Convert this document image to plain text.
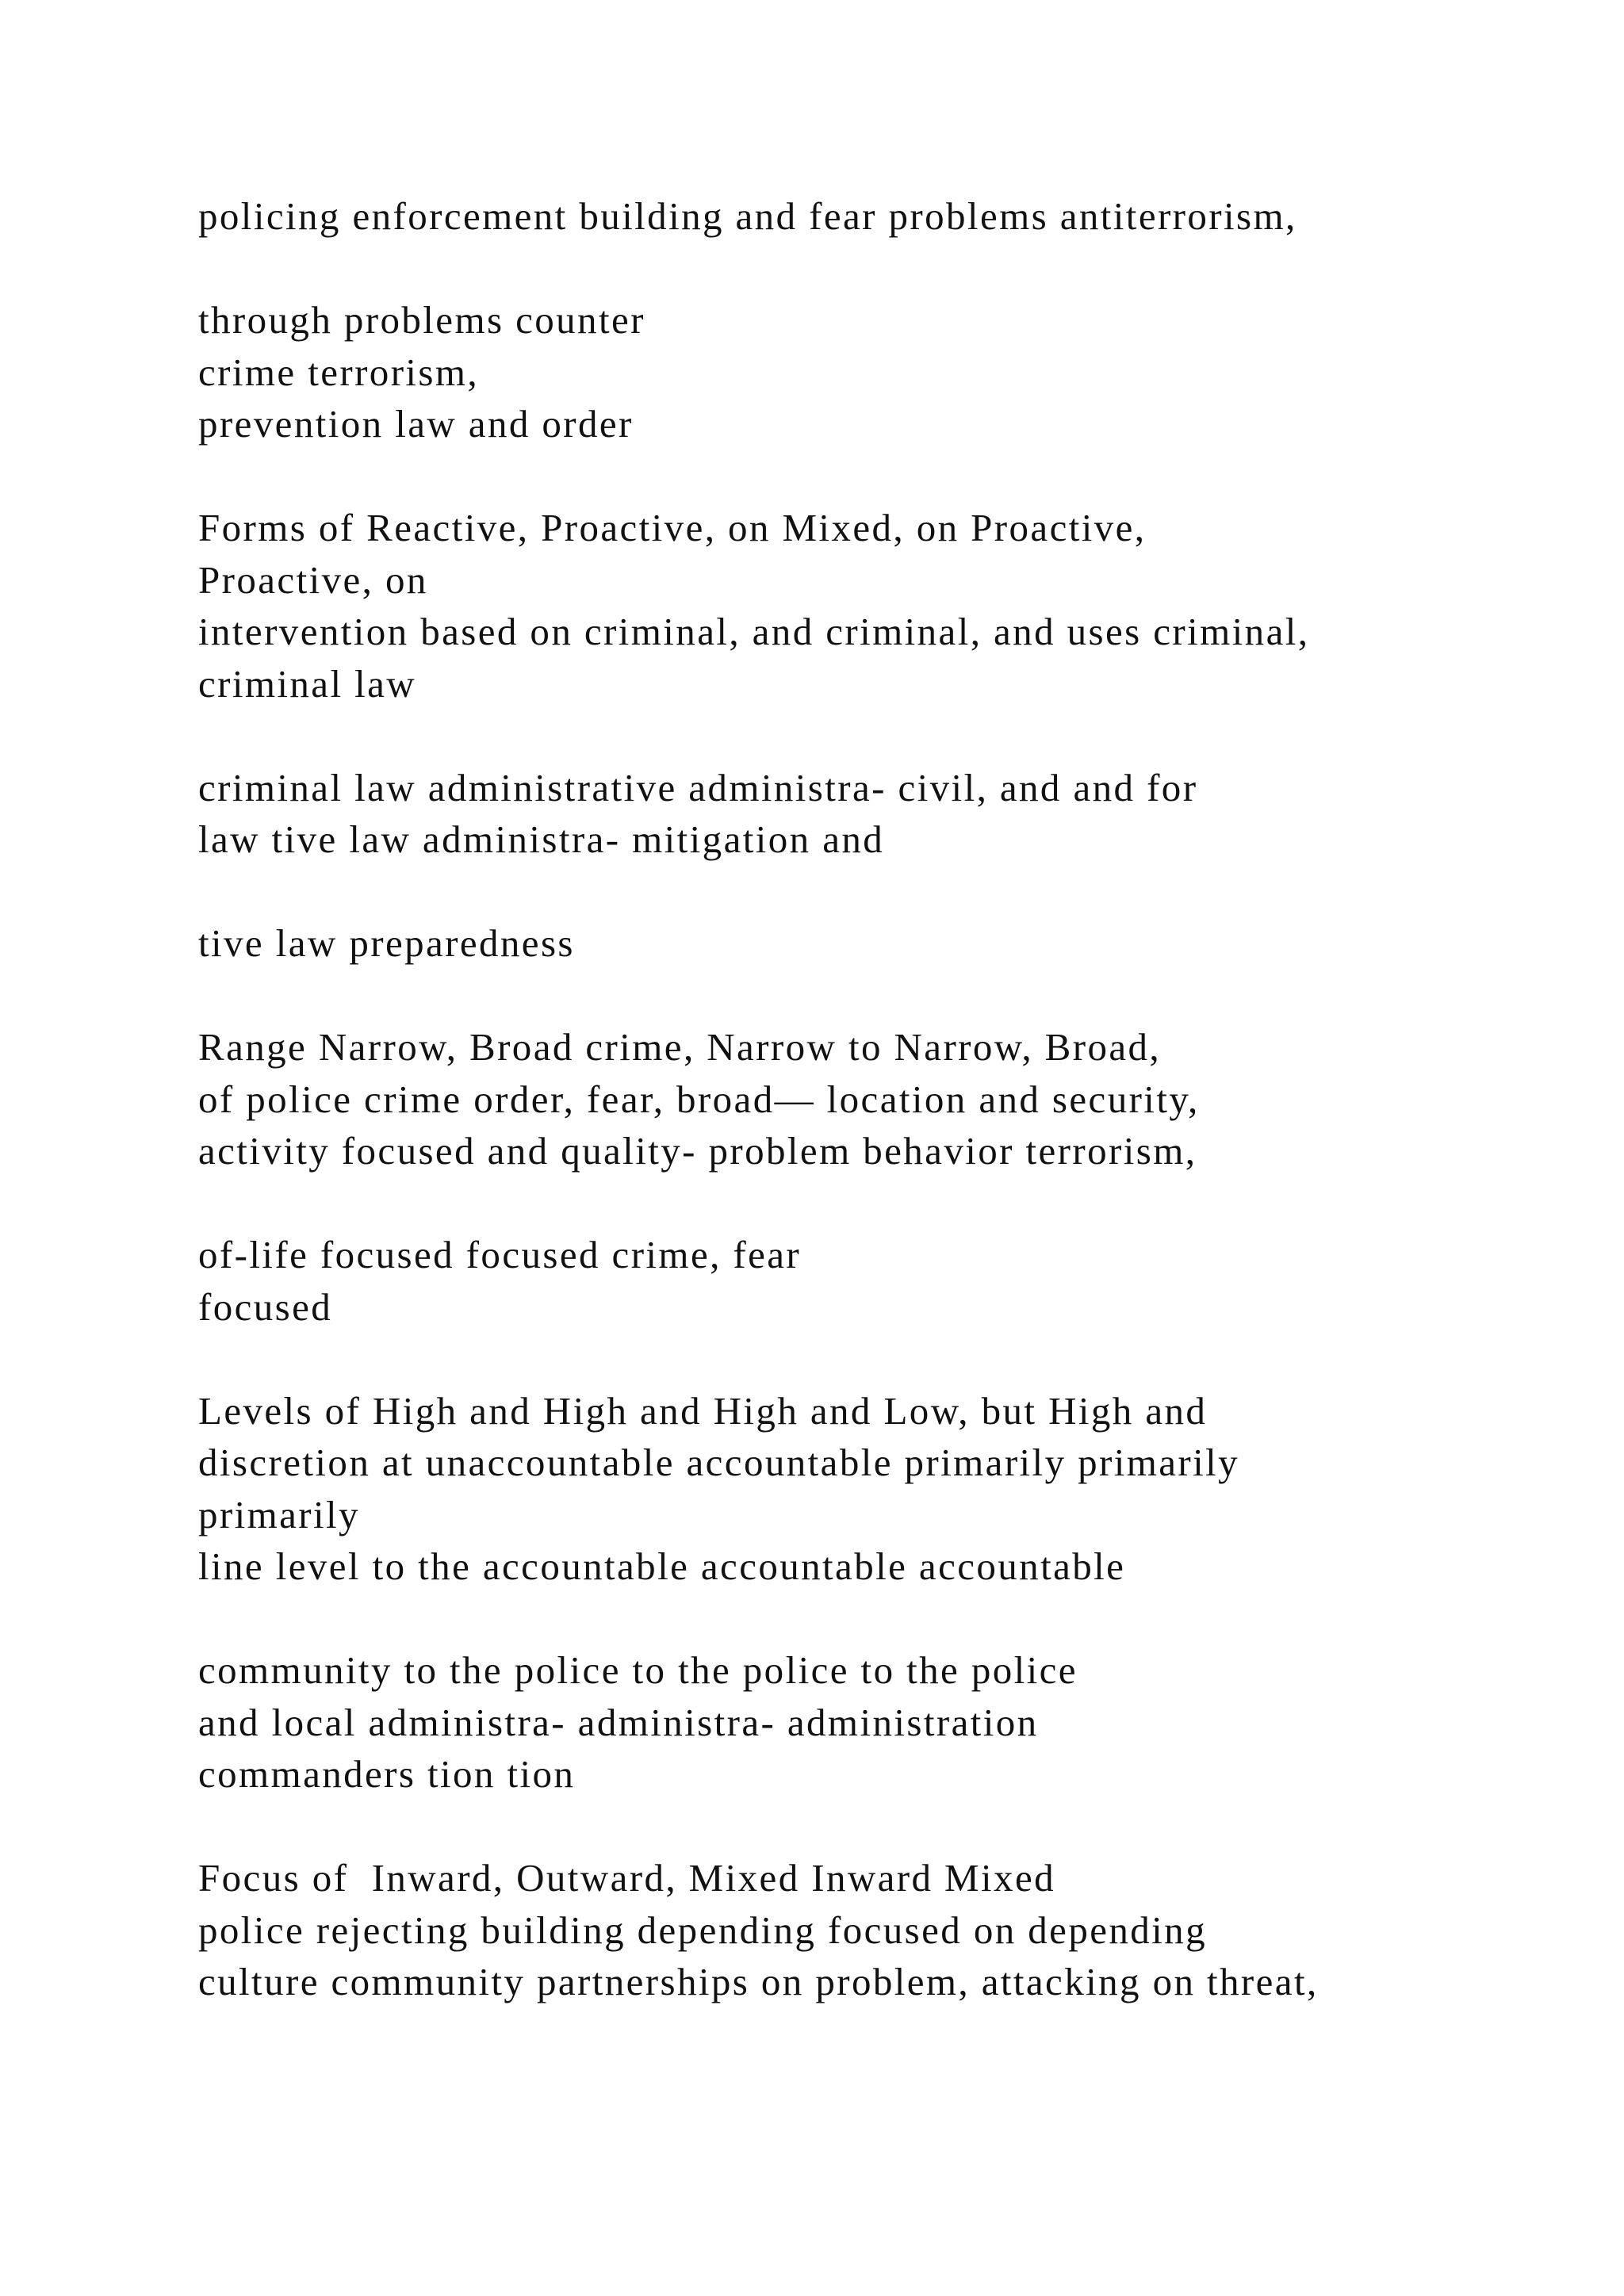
policing enforcement building and fear problems antiterrorism,

through problems counter
crime terrorism,
prevention law and order

Forms of Reactive, Proactive, on Mixed, on Proactive,
Proactive, on
intervention based on criminal, and criminal, and uses criminal,
criminal law

criminal law administrative administra- civil, and and for
law tive law administra- mitigation and

tive law preparedness

Range Narrow, Broad crime, Narrow to Narrow, Broad,
of police crime order, fear, broad— location and security,
activity focused and quality- problem behavior terrorism,

of-life focused focused crime, fear
focused

Levels of High and High and High and Low, but High and
discretion at unaccountable accountable primarily primarily
primarily
line level to the accountable accountable accountable

community to the police to the police to the police
and local administra- administra- administration
commanders tion tion

Focus of  Inward, Outward, Mixed Inward Mixed
police rejecting building depending focused on depending
culture community partnerships on problem, attacking on threat,
